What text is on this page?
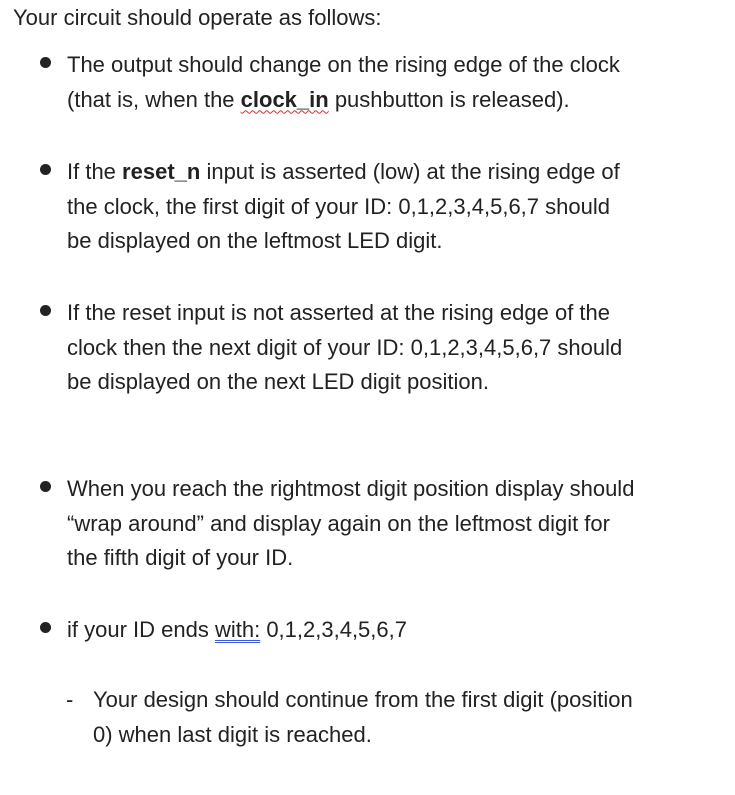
Your circuit should operate as follows:
The output should change on the rising edge of the clock
(that is, when the clock_in pushbutton is released).
If the reset_n input is asserted (low) at the rising edge of
the clock, the first digit of your ID: 0,1,2,3,4,5,6,7 should
be displayed on the leftmost LED digit.
If the reset input is not asserted at the rising edge of the
clock then the next digit of your ID: 0,1,2,3,4,5,6,7 should
be displayed on the next LED digit position.
When you reach the rightmost digit position display should
“wrap around” and display again on the leftmost digit for
the fifth digit of your ID.
if your ID ends with: 0,1,2,3,4,5,6,7
- Your design should continue from the first digit (position
0) when last digit is reached.
